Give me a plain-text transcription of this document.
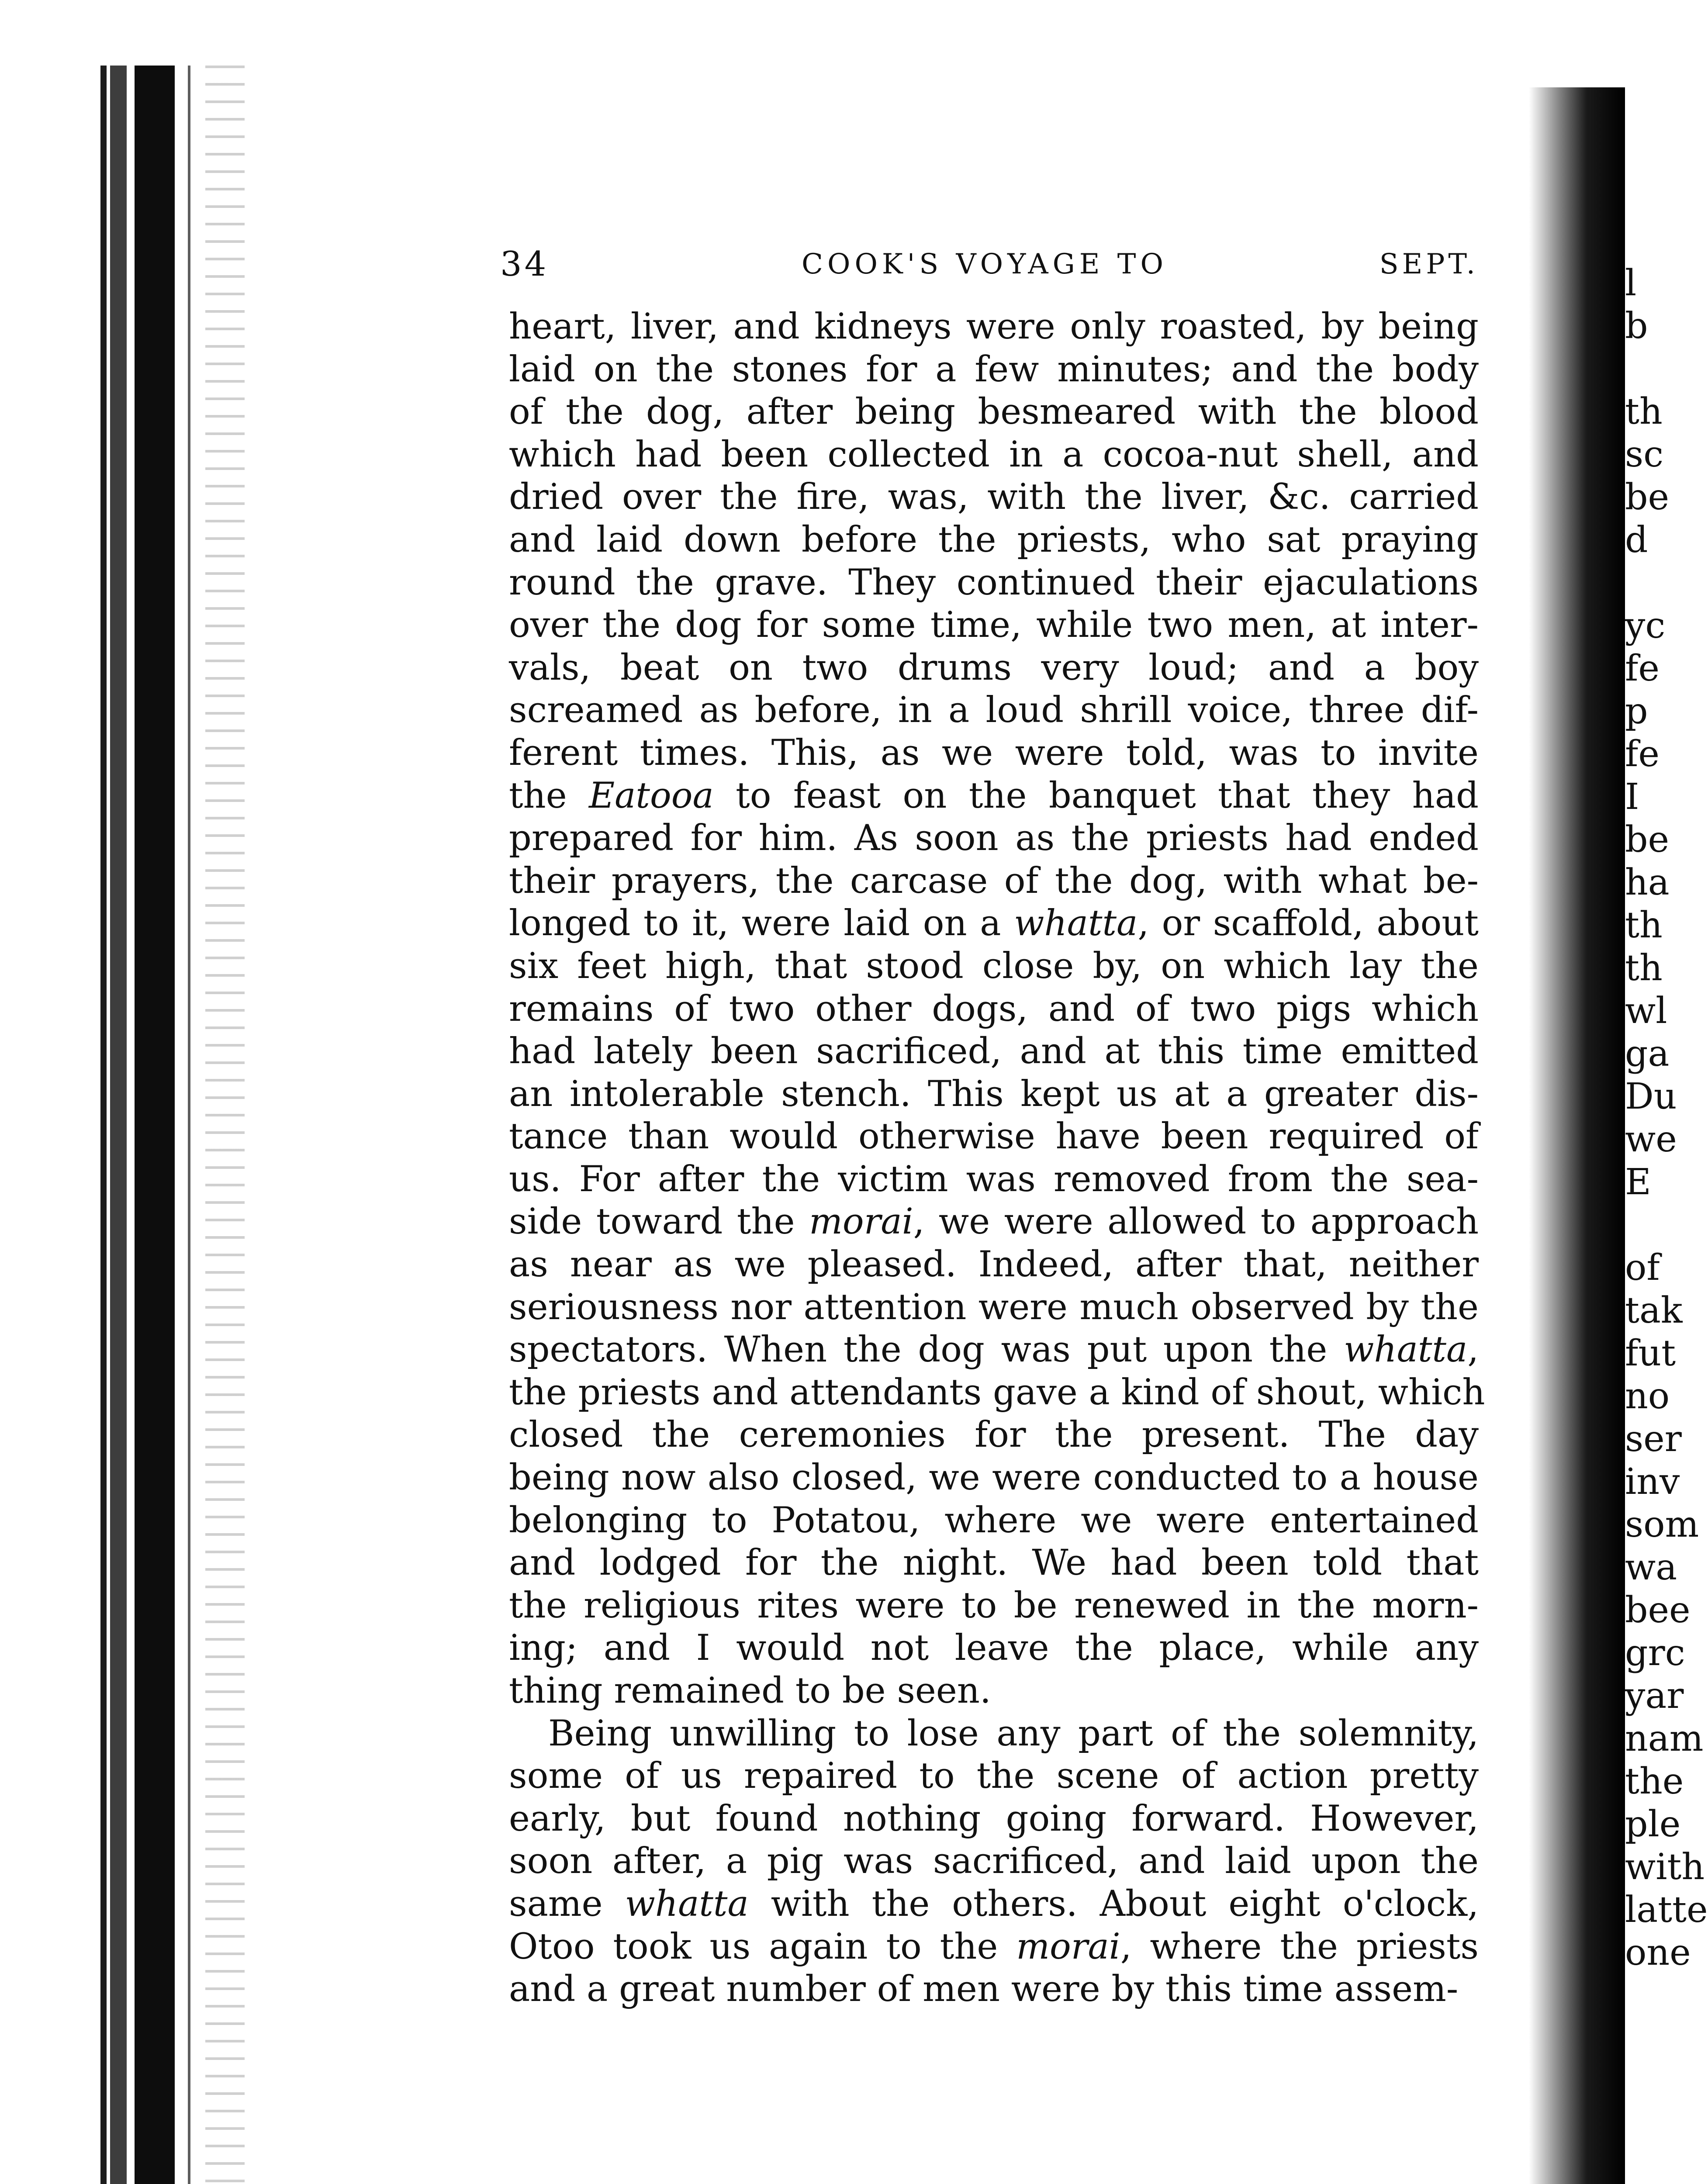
l
b

th
sc
be
d

yc
fe
p
fe
I
be
ha
th
th
wl
ga
Du
we
E

of
tak
fut
no
ser
inv
som
wa
bee
grc
yar
nam
the
ple
with
latte
one
34	COOK'S VOYAGE TO	SEPT.
heart, liver, and kidneys were only roasted, by being
laid on the stones for a few minutes; and the body
of the dog, after being besmeared with the blood
which had been collected in a cocoa-nut shell, and
dried over the fire, was, with the liver, &c. carried
and laid down before the priests, who sat praying
round the grave. They continued their ejaculations
over the dog for some time, while two men, at inter-
vals, beat on two drums very loud; and a boy
screamed as before, in a loud shrill voice, three dif-
ferent times. This, as we were told, was to invite
the Eatooa to feast on the banquet that they had
prepared for him. As soon as the priests had ended
their prayers, the carcase of the dog, with what be-
longed to it, were laid on a whatta, or scaffold, about
six feet high, that stood close by, on which lay the
remains of two other dogs, and of two pigs which
had lately been sacrificed, and at this time emitted
an intolerable stench. This kept us at a greater dis-
tance than would otherwise have been required of
us. For after the victim was removed from the sea-
side toward the morai, we were allowed to approach
as near as we pleased. Indeed, after that, neither
seriousness nor attention were much observed by the
spectators. When the dog was put upon the whatta,
the priests and attendants gave a kind of shout, which
closed the ceremonies for the present. The day
being now also closed, we were conducted to a house
belonging to Potatou, where we were entertained
and lodged for the night. We had been told that
the religious rites were to be renewed in the morn-
ing; and I would not leave the place, while any
thing remained to be seen.
Being unwilling to lose any part of the solemnity,
some of us repaired to the scene of action pretty
early, but found nothing going forward. However,
soon after, a pig was sacrificed, and laid upon the
same whatta with the others. About eight o'clock,
Otoo took us again to the morai, where the priests
and a great number of men were by this time assem-
